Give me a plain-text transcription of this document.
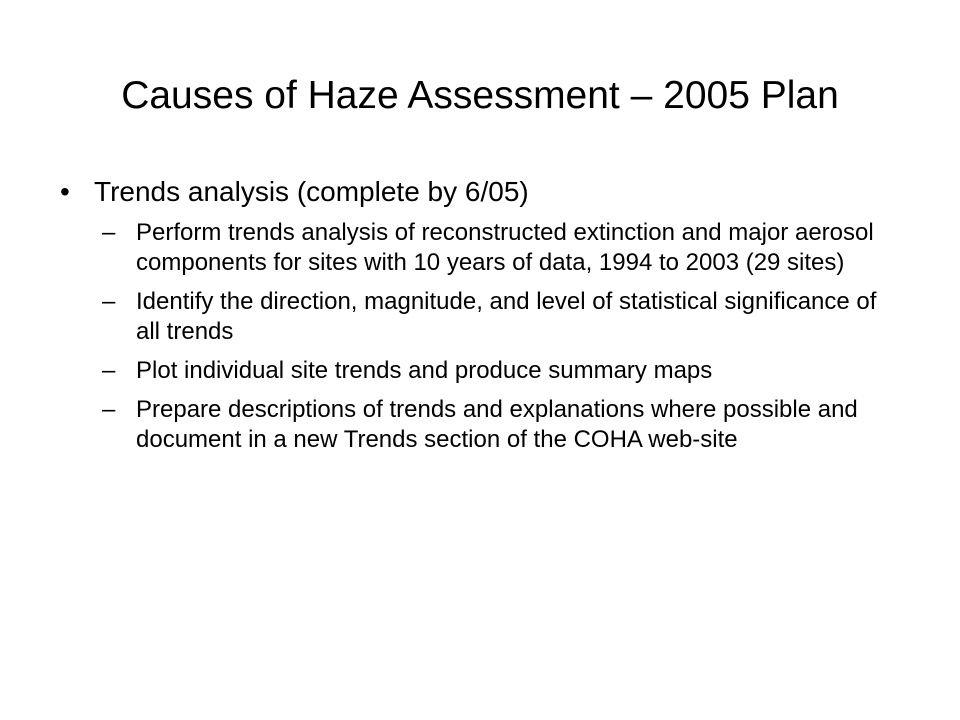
Causes of Haze Assessment – 2005 Plan
• Trends analysis (complete by 6/05)
– Perform trends analysis of reconstructed extinction and major aerosol components for sites with 10 years of data, 1994 to 2003 (29 sites)
– Identify the direction, magnitude, and level of statistical significance of all trends
– Plot individual site trends and produce summary maps
– Prepare descriptions of trends and explanations where possible and document in a new Trends section of the COHA web-site
